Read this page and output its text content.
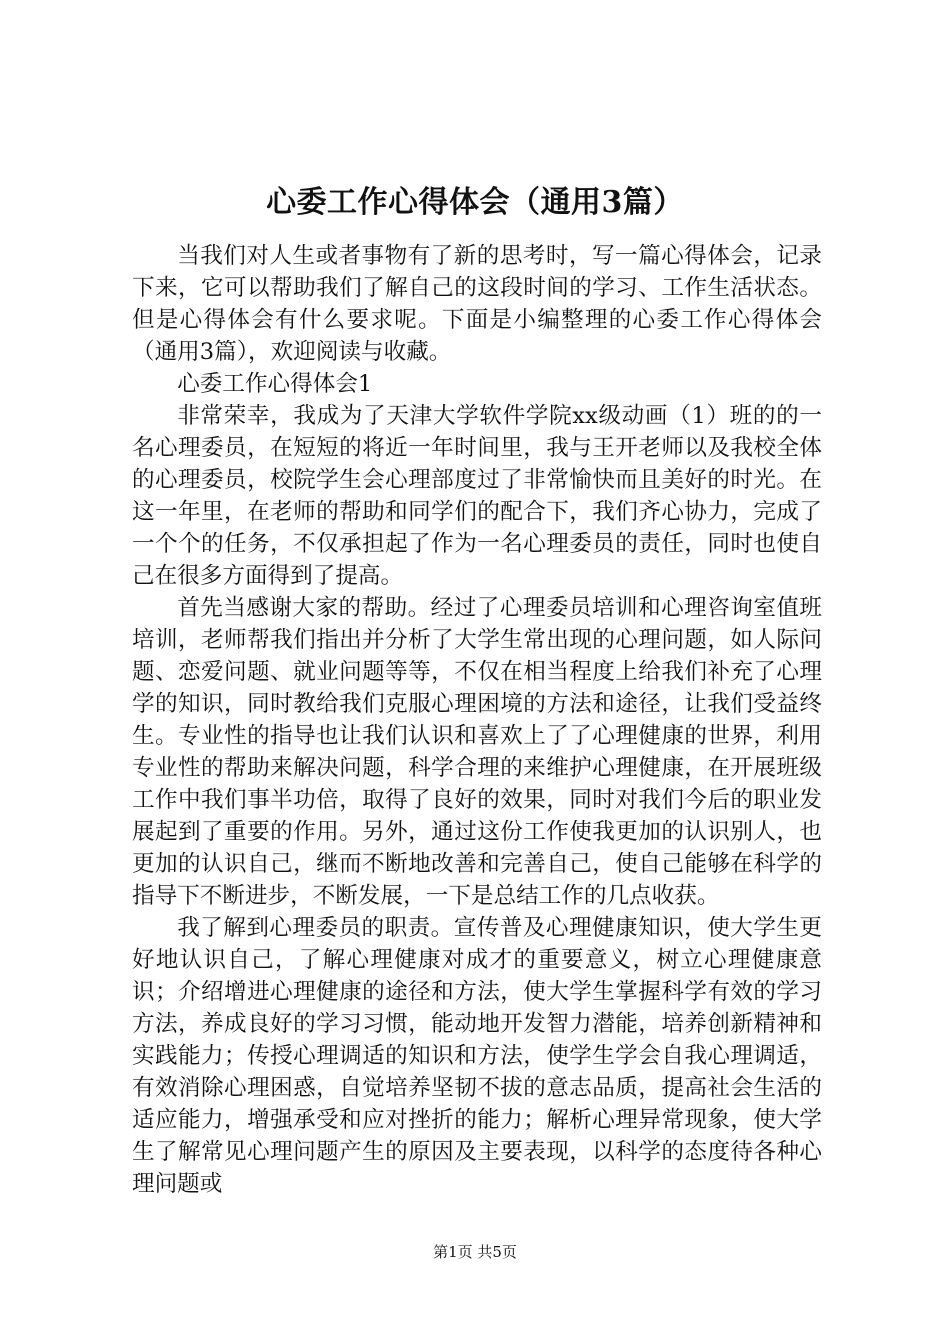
心委工作心得体会（通用3篇）

当我们对人生或者事物有了新的思考时，写一篇心得体会，记录下来，它可以帮助我们了解自己的这段时间的学习、工作生活状态。但是心得体会有什么要求呢。下面是小编整理的心委工作心得体会（通用3篇），欢迎阅读与收藏。

心委工作心得体会1

非常荣幸，我成为了天津大学软件学院xx级动画（1）班的的一名心理委员，在短短的将近一年时间里，我与王开老师以及我校全体的心理委员，校院学生会心理部度过了非常愉快而且美好的时光。在这一年里，在老师的帮助和同学们的配合下，我们齐心协力，完成了一个个的任务，不仅承担起了作为一名心理委员的责任，同时也使自己在很多方面得到了提高。

首先当感谢大家的帮助。经过了心理委员培训和心理咨询室值班培训，老师帮我们指出并分析了大学生常出现的心理问题，如人际问题、恋爱问题、就业问题等等，不仅在相当程度上给我们补充了心理学的知识，同时教给我们克服心理困境的方法和途径，让我们受益终生。专业性的指导也让我们认识和喜欢上了了心理健康的世界，利用专业性的帮助来解决问题，科学合理的来维护心理健康，在开展班级工作中我们事半功倍，取得了良好的效果，同时对我们今后的职业发展起到了重要的作用。另外，通过这份工作使我更加的认识别人，也更加的认识自己，继而不断地改善和完善自己，使自己能够在科学的指导下不断进步，不断发展，一下是总结工作的几点收获。

我了解到心理委员的职责。宣传普及心理健康知识，使大学生更好地认识自己，了解心理健康对成才的重要意义，树立心理健康意识；介绍增进心理健康的途径和方法，使大学生掌握科学有效的学习方法，养成良好的学习习惯，能动地开发智力潜能，培养创新精神和实践能力；传授心理调适的知识和方法，使学生学会自我心理调适，有效消除心理困惑，自觉培养坚韧不拔的意志品质，提高社会生活的适应能力，增强承受和应对挫折的能力；解析心理异常现象，使大学生了解常见心理问题产生的原因及主要表现，以科学的态度待各种心理问题或

第1页 共5页
